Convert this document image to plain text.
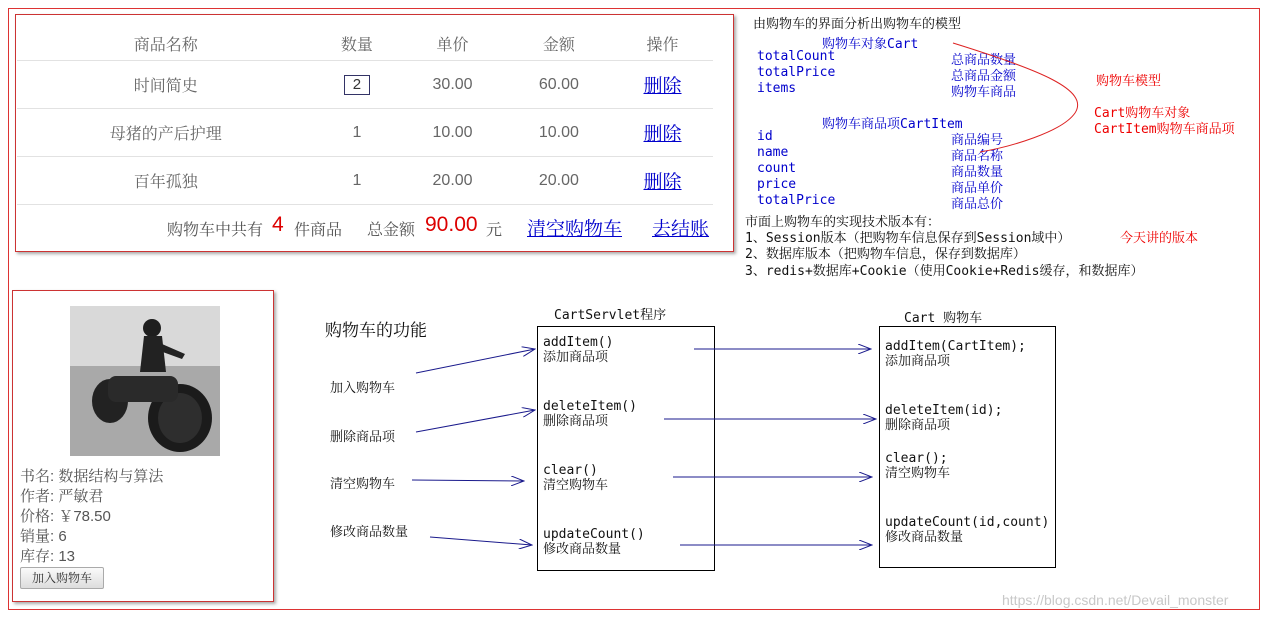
商品名称	数量	单价	金额	操作
时间简史	2	30.00	60.00	删除
母猪的产后护理	1	10.00	10.00	删除
百年孤独	1	20.00	20.00	删除
购物车中共有 4 件商品 总金额 90.00 元 清空购物车 去结账
由购物车的界面分析出购物车的模型
购物车对象Cart
totalCount	总商品数量
totalPrice	总商品金额
items	购物车商品
购物车商品项CartItem
id	商品编号
name	商品名称
count	商品数量
price	商品单价
totalPrice	商品总价
购物车模型
Cart购物车对象
CartItem购物车商品项
市面上购物车的实现技术版本有：
1、Session版本（把购物车信息保存到Session域中）	今天讲的版本
2、数据库版本（把购物车信息，保存到数据库）
3、redis+数据库+Cookie（使用Cookie+Redis缓存，和数据库）
书名: 数据结构与算法
作者: 严敏君
价格: ￥78.50
销量: 6
库存: 13
加入购物车
购物车的功能
加入购物车
删除商品项
清空购物车
修改商品数量
CartServlet程序
addItem()
添加商品项
deleteItem()
删除商品项
clear()
清空购物车
updateCount()
修改商品数量
Cart 购物车
addItem(CartItem);
添加商品项
deleteItem(id);
删除商品项
clear();
清空购物车
updateCount(id,count)
修改商品数量
https://blog.csdn.net/Devail_monster
